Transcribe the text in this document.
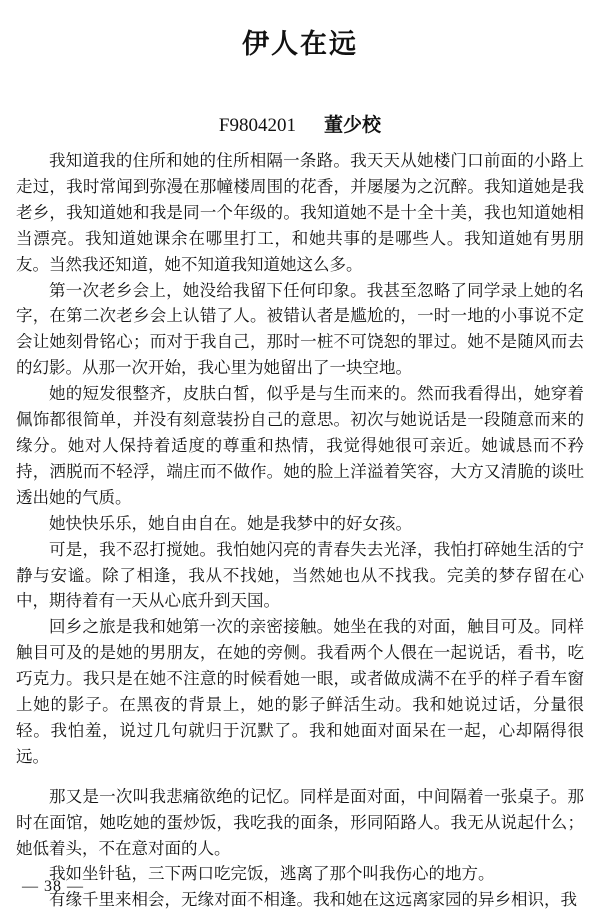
伊人在远
F9804201 董少校

我知道我的住所和她的住所相隔一条路。我天天从她楼门口前面的小路上走过，我时常闻到弥漫在那幢楼周围的花香，并屡屡为之沉醉。我知道她是我老乡，我知道她和我是同一个年级的。我知道她不是十全十美，我也知道她相当漂亮。我知道她课余在哪里打工，和她共事的是哪些人。我知道她有男朋友。当然我还知道，她不知道我知道她这么多。

第一次老乡会上，她没给我留下任何印象。我甚至忽略了同学录上她的名字，在第二次老乡会上认错了人。被错认者是尴尬的，一时一地的小事说不定会让她刻骨铭心；而对于我自己，那时一桩不可饶恕的罪过。她不是随风而去的幻影。从那一次开始，我心里为她留出了一块空地。

她的短发很整齐，皮肤白皙，似乎是与生而来的。然而我看得出，她穿着佩饰都很简单，并没有刻意装扮自己的意思。初次与她说话是一段随意而来的缘分。她对人保持着适度的尊重和热情，我觉得她很可亲近。她诚恳而不矜持，洒脱而不轻浮，端庄而不做作。她的脸上洋溢着笑容，大方又清脆的谈吐透出她的气质。

她快快乐乐，她自由自在。她是我梦中的好女孩。

可是，我不忍打搅她。我怕她闪亮的青春失去光泽，我怕打碎她生活的宁静与安谧。除了相逢，我从不找她，当然她也从不找我。完美的梦存留在心中，期待着有一天从心底升到天国。

回乡之旅是我和她第一次的亲密接触。她坐在我的对面，触目可及。同样触目可及的是她的男朋友，在她的旁侧。我看两个人偎在一起说话，看书，吃巧克力。我只是在她不注意的时候看她一眼，或者做成满不在乎的样子看车窗上她的影子。在黑夜的背景上，她的影子鲜活生动。我和她说过话，分量很轻。我怕羞，说过几句就归于沉默了。我和她面对面呆在一起，心却隔得很远。

那又是一次叫我悲痛欲绝的记忆。同样是面对面，中间隔着一张桌子。那时在面馆，她吃她的蛋炒饭，我吃我的面条，形同陌路人。我无从说起什么；她低着头，不在意对面的人。

我如坐针毡，三下两口吃完饭，逃离了那个叫我伤心的地方。

有缘千里来相会，无缘对面不相逢。我和她在这远离家园的异乡相识，我

— 38 —
